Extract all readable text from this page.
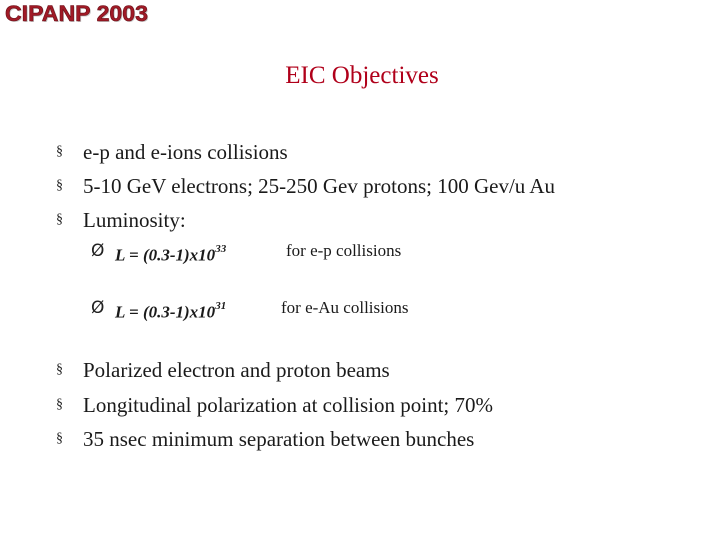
CIPANP 2003
EIC Objectives
§ e-p and e-ions collisions
§ 5-10 GeV electrons; 25-250 Gev protons; 100 Gev/u Au
§ Luminosity:
Ø $L = (0.3-1)x10^{33}$	for e-p collisions
Ø $L = (0.3-1)x10^{31}$	for e-Au collisions
§ Polarized electron and proton beams
§ Longitudinal polarization at collision point; 70%
§ 35 nsec minimum separation between bunches
